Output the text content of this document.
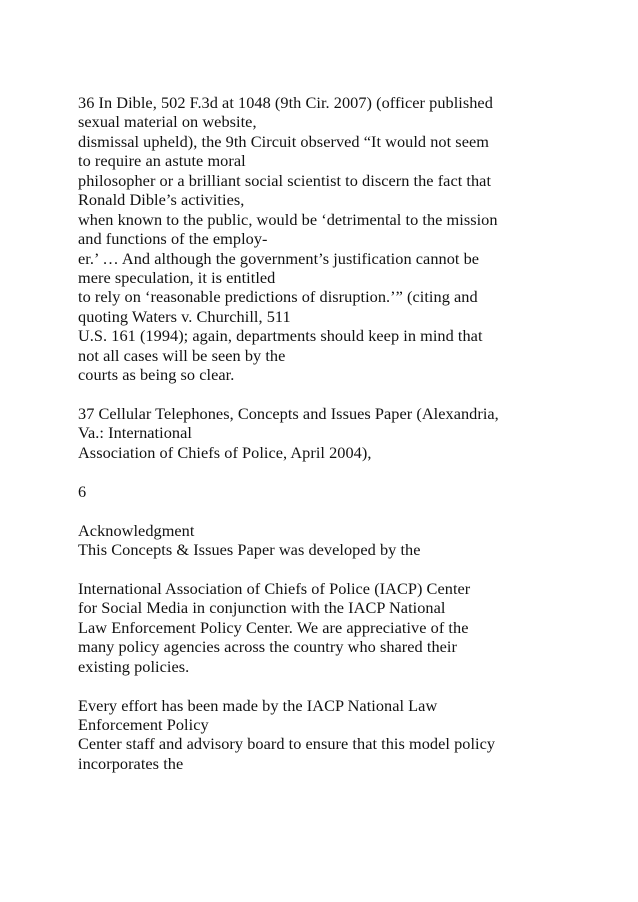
36 In Dible, 502 F.3d at 1048 (9th Cir. 2007) (officer published
sexual material on website,
dismissal upheld), the 9th Circuit observed “It would not seem
to require an astute moral
philosopher or a brilliant social scientist to discern the fact that
Ronald Dible’s activities,
when known to the public, would be ‘detrimental to the mission
and functions of the employ-
er.’ … And although the government’s justification cannot be
mere speculation, it is entitled
to rely on ‘reasonable predictions of disruption.’” (citing and
quoting Waters v. Churchill, 511
U.S. 161 (1994); again, departments should keep in mind that
not all cases will be seen by the
courts as being so clear.
37 Cellular Telephones, Concepts and Issues Paper (Alexandria,
Va.: International
Association of Chiefs of Police, April 2004),
6
Acknowledgment
This Concepts & Issues Paper was developed by the
International Association of Chiefs of Police (IACP) Center
for Social Media in conjunction with the IACP National
Law Enforcement Policy Center. We are appreciative of the
many policy agencies across the country who shared their
existing policies.
Every effort has been made by the IACP National Law
Enforcement Policy
Center staff and advisory board to ensure that this model policy
incorporates the
